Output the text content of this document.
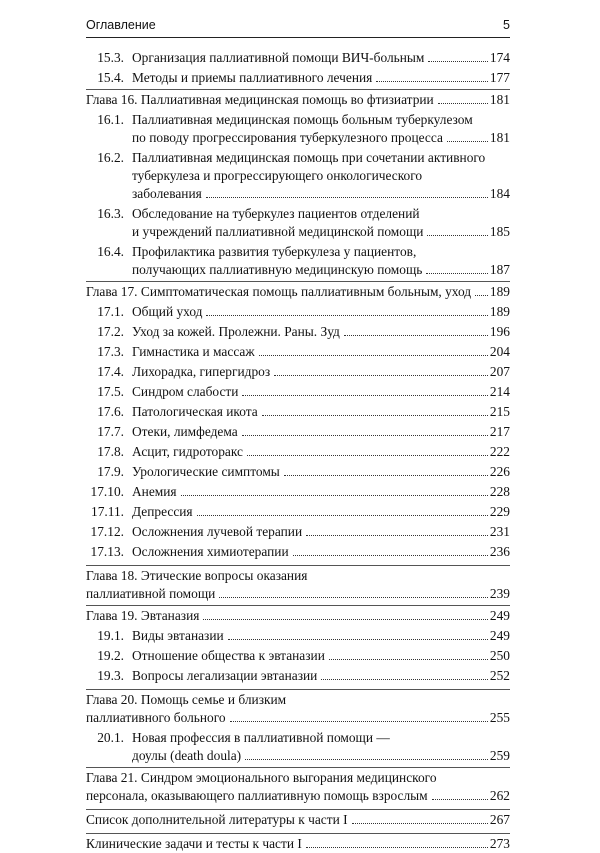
Оглавление	5
15.3. Организация паллиативной помощи ВИЧ-больным	174
15.4. Методы и приемы паллиативного лечения	177
Глава 16. Паллиативная медицинская помощь во фтизиатрии	181
16.1. Паллиативная медицинская помощь больным туберкулезом
по поводу прогрессирования туберкулезного процесса	181
16.2. Паллиативная медицинская помощь при сочетании активного
туберкулеза и прогрессирующего онкологического
заболевания	184
16.3. Обследование на туберкулез пациентов отделений
и учреждений паллиативной медицинской помощи	185
16.4. Профилактика развития туберкулеза у пациентов,
получающих паллиативную медицинскую помощь	187
Глава 17. Симптоматическая помощь паллиативным больным, уход 189
17.1. Общий уход	189
17.2. Уход за кожей. Пролежни. Раны. Зуд	196
17.3. Гимнастика и массаж	204
17.4. Лихорадка, гипергидроз	207
17.5. Синдром слабости	214
17.6. Патологическая икота	215
17.7. Отеки, лимфедема	217
17.8. Асцит, гидроторакс	222
17.9. Урологические симптомы	226
17.10. Анемия	228
17.11. Депрессия	229
17.12. Осложнения лучевой терапии	231
17.13. Осложнения химиотерапии	236
Глава 18. Этические вопросы оказания
паллиативной помощи	239
Глава 19. Эвтаназия	249
19.1. Виды эвтаназии	249
19.2. Отношение общества к эвтаназии	250
19.3. Вопросы легализации эвтаназии	252
Глава 20. Помощь семье и близким
паллиативного больного	255
20.1. Новая профессия в паллиативной помощи —
доулы (death doula)	259
Глава 21. Синдром эмоционального выгорания медицинского
персонала, оказывающего паллиативную помощь взрослым	262
Список дополнительной литературы к части I	267
Клинические задачи и тесты к части I	273
